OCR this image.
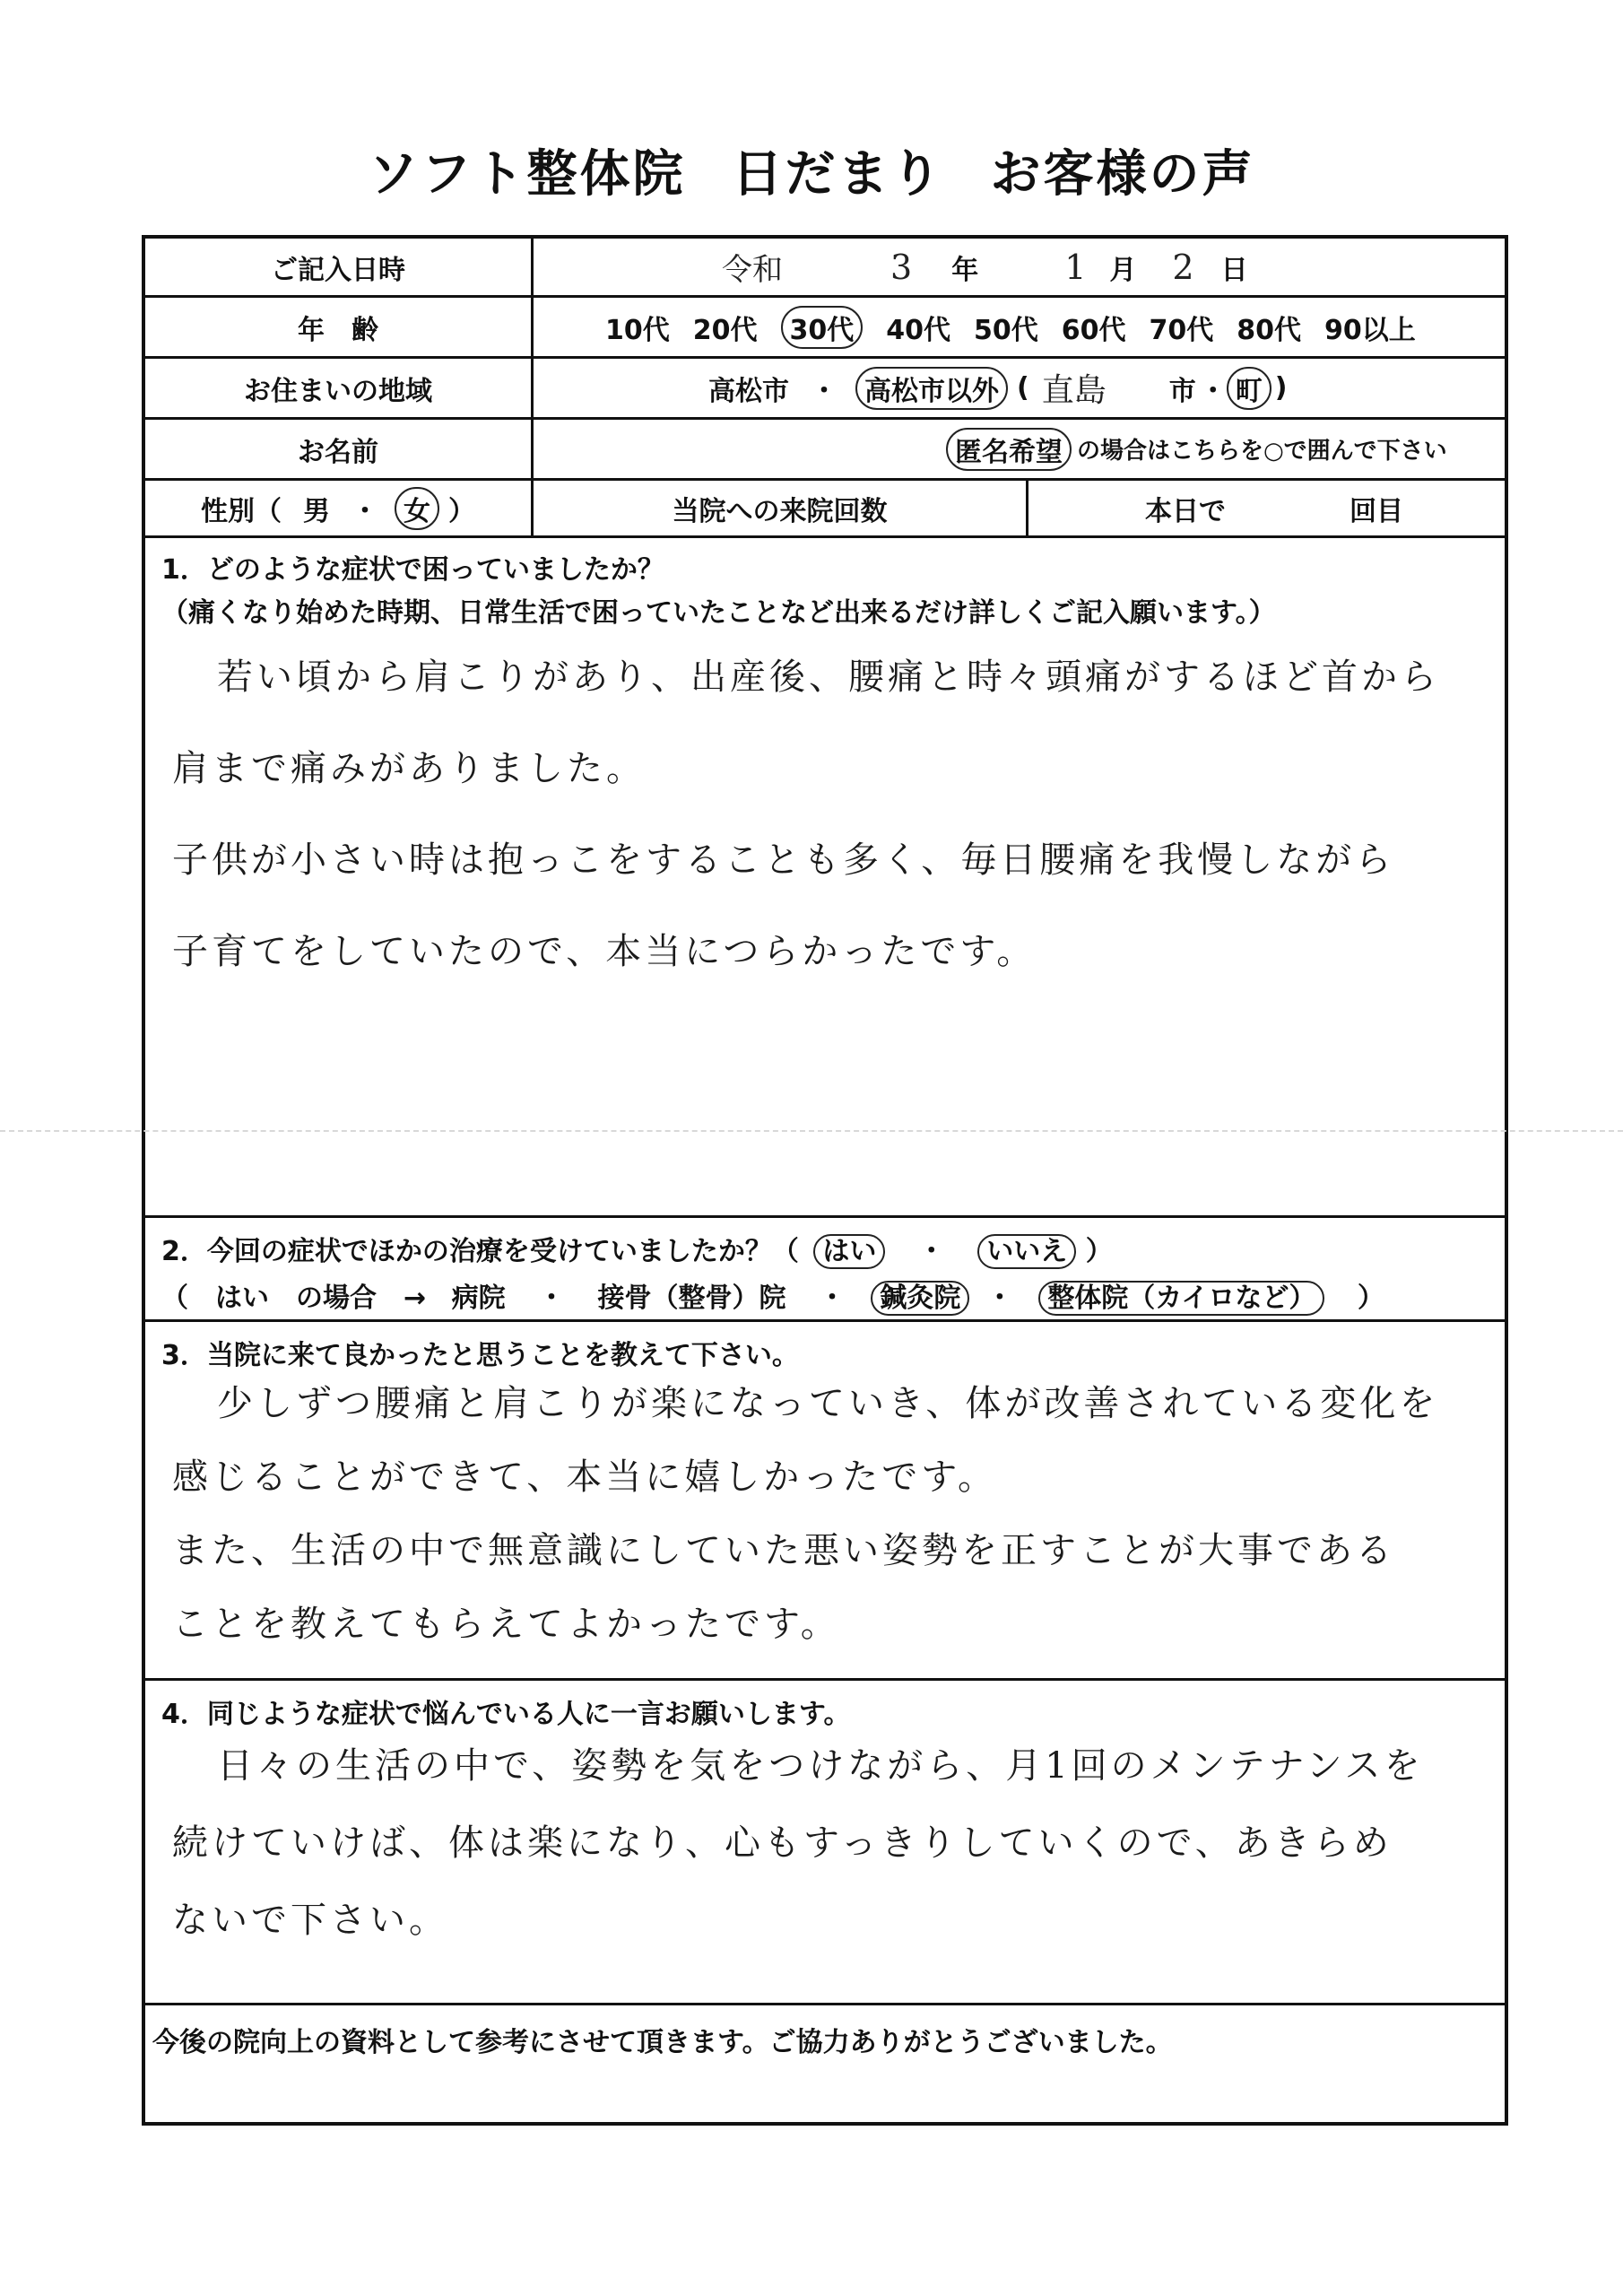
ソフト整体院 日だまり お客様の声
ご記入日時	令和	3 年	1 月 2 日
年　齢	10代 20代	30代	40代 50代 60代 70代 80代 90以上
お住まいの地域	高松市 ・	高松市以外 ( 直島 市 ・ 町 )
お名前	匿名希望 の場合はこちらを○で囲んで下さい
性別（ 男 ・ 女 ）	当院への来院回数	本日で	回目
1．どのような症状で困っていましたか？
（痛くなり始めた時期、日常生活で困っていたことなど出来るだけ詳しくご記入願います。）
若い頃から肩こりがあり、出産後、腰痛と時々頭痛がするほど首から
肩まで痛みがありました。
子供が小さい時は抱っこをすることも多く、毎日腰痛を我慢しながら
子育てをしていたので、本当につらかったです。
2．今回の症状でほかの治療を受けていましたか？（ はい ・ いいえ ）
（　はい　の場合　→ 病院 ・ 接骨（整骨）院 ・ 鍼灸院 ・ 整体院（カイロなど） ）
3．当院に来て良かったと思うことを教えて下さい。
少しずつ腰痛と肩こりが楽になっていき、体が改善されている変化を
感じることができて、本当に嬉しかったです。
また、生活の中で無意識にしていた悪い姿勢を正すことが大事である
ことを教えてもらえてよかったです。
4．同じような症状で悩んでいる人に一言お願いします。
日々の生活の中で、姿勢を気をつけながら、月1回のメンテナンスを
続けていけば、体は楽になり、心もすっきりしていくので、あきらめ
ないで下さい。
今後の院向上の資料として参考にさせて頂きます。ご協力ありがとうございました。
